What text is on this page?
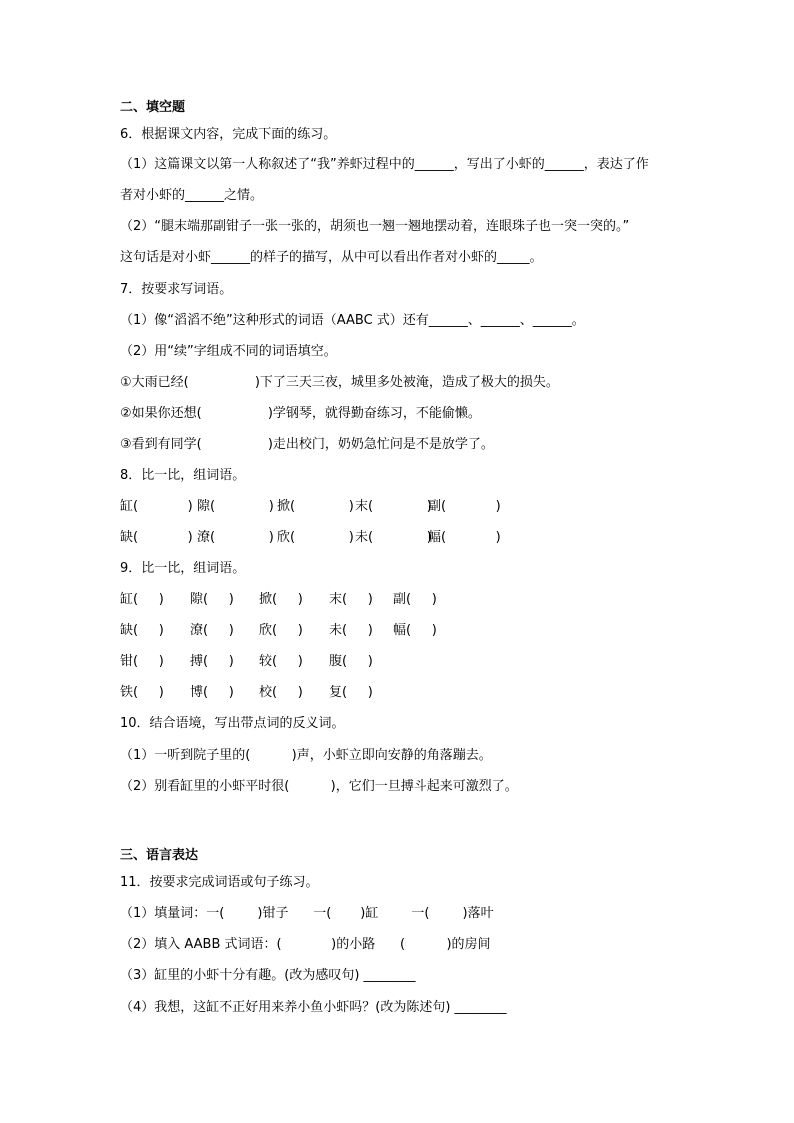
二、填空题
6．根据课文内容，完成下面的练习。
（1）这篇课文以第一人称叙述了“我”养虾过程中的______，写出了小虾的______，表达了作
者对小虾的______之情。
（2）“腿末端那副钳子一张一张的，胡须也一翘一翘地摆动着，连眼珠子也一突一突的。”
这句话是对小虾______的样子的描写，从中可以看出作者对小虾的_____。
7．按要求写词语。
（1）像“滔滔不绝”这种形式的词语（AABC 式）还有______、______、______。
（2）用“续”字组成不同的词语填空。
①大雨已经(                )下了三天三夜，城里多处被淹，造成了极大的损失。
②如果你还想(                )学钢琴，就得勤奋练习，不能偷懒。
③看到有同学(                )走出校门，奶奶急忙问是不是放学了。
8．比一比，组词语。
缸(            ) 隙(             ) 掀(             ) 末(             )
副(            )
缺(            ) 潦(             ) 欣(             ) 未(             )
幅(            )
9．比一比，组词语。
缸(     ) 隙(     ) 掀(     ) 末(     ) 副(     )
缺(     ) 潦(     ) 欣(     ) 未(     ) 幅(     )
钳(     ) 搏(     ) 较(     ) 腹(     )
铁(     ) 博(     ) 校(     ) 复(     )
10．结合语境，写出带点词的反义词。
（1）一听到院子里的(          )声，小虾立即向安静的角落蹦去。
（2）别看缸里的小虾平时很(          )，它们一旦搏斗起来可激烈了。
三、语言表达
11．按要求完成词语或句子练习。
（1）填量词：一(        )钳子      一(       )缸        一(        )落叶
（2）填入 AABB 式词语：(            )的小路      (          )的房间
（3）缸里的小虾十分有趣。(改为感叹句) ________
（4）我想，这缸不正好用来养小鱼小虾吗？(改为陈述句) ________
